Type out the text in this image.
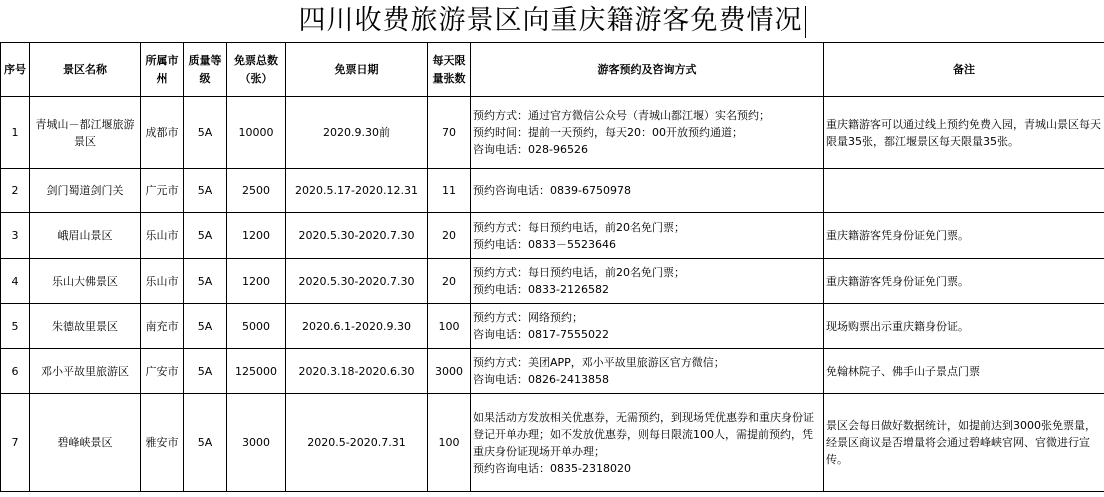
四川收费旅游景区向重庆籍游客免费情况
序号	景区名称	所属市州	质量等级	免票总数（张）	免票日期	每天限量张数	游客预约及咨询方式	备注

1	青城山－都江堰旅游景区	成都市	5A	10000	2020.9.30前	70	预约方式：通过官方微信公众号（青城山都江堰）实名预约；
预约时间：提前一天预约，每天20：00开放预约通道；
咨询电话：028-96526	重庆籍游客可以通过线上预约免费入园，青城山景区每天限量35张，都江堰景区每天限量35张。

2	剑门蜀道剑门关	广元市	5A	2500	2020.5.17-2020.12.31	11	预约咨询电话：0839-6750978	

3	峨眉山景区	乐山市	5A	1200	2020.5.30-2020.7.30	20	预约方式：每日预约电话，前20名免门票；
预约电话：0833－5523646	重庆籍游客凭身份证免门票。

4	乐山大佛景区	乐山市	5A	1200	2020.5.30-2020.7.30	20	预约方式：每日预约电话，前20名免门票；
预约电话：0833-2126582	重庆籍游客凭身份证免门票。

5	朱德故里景区	南充市	5A	5000	2020.6.1-2020.9.30	100	预约方式：网络预约；
咨询电话：0817-7555022	现场购票出示重庆籍身份证。

6	邓小平故里旅游区	广安市	5A	125000	2020.3.18-2020.6.30	3000	预约方式：美团APP，邓小平故里旅游区官方微信；
咨询电话：0826-2413858	免翰林院子、佛手山子景点门票

7	碧峰峡景区	雅安市	5A	3000	2020.5-2020.7.31	100	如果活动方发放相关优惠券，无需预约，到现场凭优惠券和重庆身份证登记开单办理；如不发放优惠券，则每日限流100人，需提前预约，凭重庆身份证现场开单办理；
预约咨询电话：0835-2318020	景区会每日做好数据统计，如提前达到3000张免票量，经景区商议是否增量将会通过碧峰峡官网、官微进行宣传。
